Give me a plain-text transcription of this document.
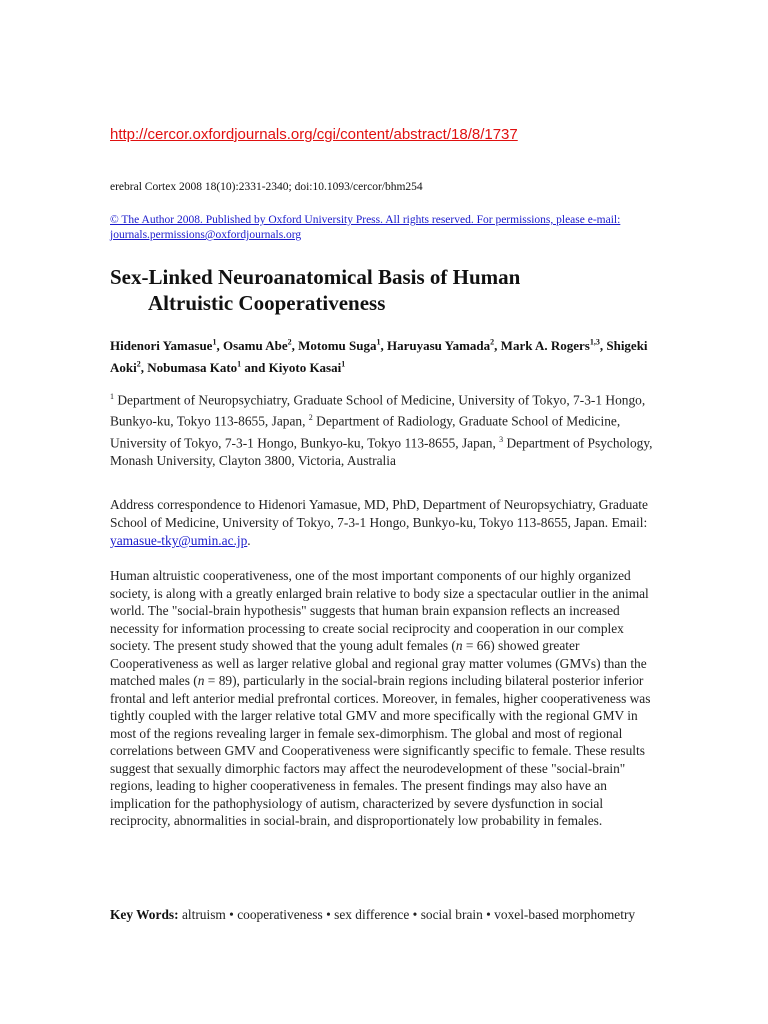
http://cercor.oxfordjournals.org/cgi/content/abstract/18/8/1737
erebral Cortex 2008 18(10):2331-2340; doi:10.1093/cercor/bhm254
© The Author 2008. Published by Oxford University Press. All rights reserved. For permissions, please e-mail: journals.permissions@oxfordjournals.org
Sex-Linked Neuroanatomical Basis of Human
Altruistic Cooperativeness
Hidenori Yamasue$^1$, Osamu Abe$^2$, Motomu Suga$^1$, Haruyasu Yamada$^2$, Mark A. Rogers$^{1,3}$, Shigeki Aoki$^2$, Nobumasa Kato$^1$ and Kiyoto Kasai$^1$
$^1$ Department of Neuropsychiatry, Graduate School of Medicine, University of Tokyo, 7-3-1 Hongo, Bunkyo-ku, Tokyo 113-8655, Japan, $^2$ Department of Radiology, Graduate School of Medicine, University of Tokyo, 7-3-1 Hongo, Bunkyo-ku, Tokyo 113-8655, Japan, $^3$ Department of Psychology, Monash University, Clayton 3800, Victoria, Australia
Address correspondence to Hidenori Yamasue, MD, PhD, Department of Neuropsychiatry, Graduate School of Medicine, University of Tokyo, 7-3-1 Hongo, Bunkyo-ku, Tokyo 113-8655, Japan. Email: yamasue-tky@umin.ac.jp.
Human altruistic cooperativeness, one of the most important components of our highly organized society, is along with a greatly enlarged brain relative to body size a spectacular outlier in the animal world. The "social-brain hypothesis" suggests that human brain expansion reflects an increased necessity for information processing to create social reciprocity and cooperation in our complex society. The present study showed that the young adult females (n = 66) showed greater Cooperativeness as well as larger relative global and regional gray matter volumes (GMVs) than the matched males (n = 89), particularly in the social-brain regions including bilateral posterior inferior frontal and left anterior medial prefrontal cortices. Moreover, in females, higher cooperativeness was tightly coupled with the larger relative total GMV and more specifically with the regional GMV in most of the regions revealing larger in female sex-dimorphism. The global and most of regional correlations between GMV and Cooperativeness were significantly specific to female. These results suggest that sexually dimorphic factors may affect the neurodevelopment of these "social-brain" regions, leading to higher cooperativeness in females. The present findings may also have an implication for the pathophysiology of autism, characterized by severe dysfunction in social reciprocity, abnormalities in social-brain, and disproportionately low probability in females.
Key Words: altruism • cooperativeness • sex difference • social brain • voxel-based morphometry
